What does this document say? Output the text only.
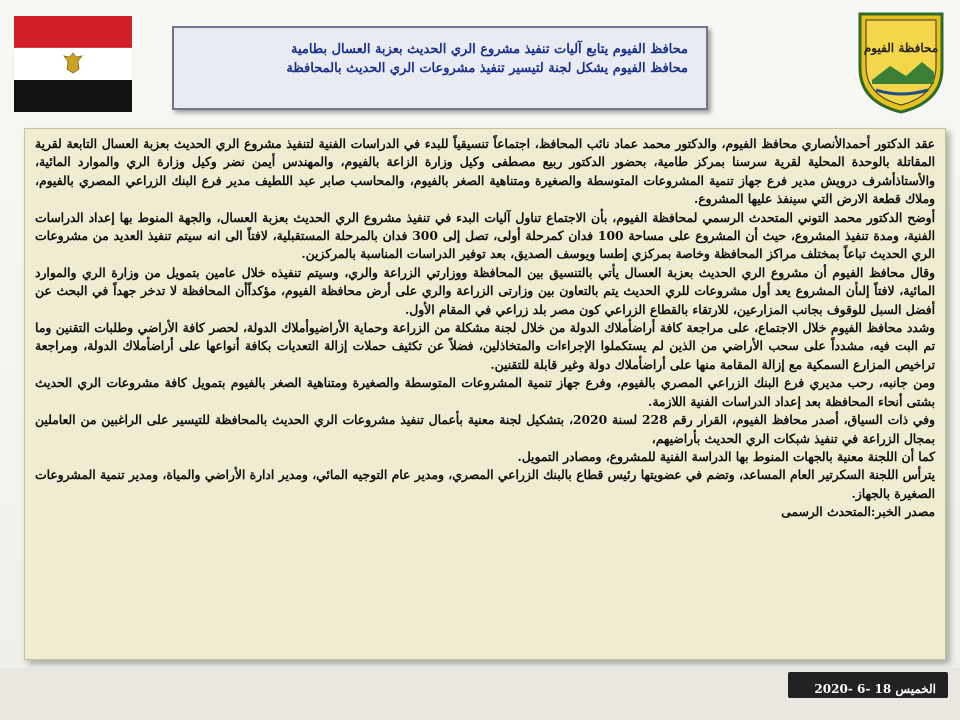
محافظ الفيوم يتابع آليات تنفيذ مشروع الري الحديث بعزبة العسال بطامية
محافظ الفيوم يشكل لجنة لتيسير تنفيذ مشروعات الري الحديث بالمحافظة
محافظة الفيوم

عقد الدكتور أحمدالأنصاري محافظ الفيوم، والدكتور محمد عماد نائب المحافظ، اجتماعاً تنسيقياً للبدء في الدراسات الفنية لتنفيذ مشروع الري الحديث بعزبة العسال التابعة لقرية المقاتلة بالوحدة المحلية لقرية سرسنا بمركز طامية، بحضور الدكتور ربيع مصطفى وكيل وزارة الزاعة بالفيوم، والمهندس أيمن نضر وكيل وزارة الري والموارد المائية، والأستاذأشرف درويش مدير فرع جهاز تنمية المشروعات المتوسطة والصغيرة ومتناهية الصغر بالفيوم، والمحاسب صابر عبد اللطيف مدير فرع البنك الزراعي المصري بالفيوم، وملاك قطعة الارض التي سينفذ عليها المشروع.

أوضح الدكتور محمد التوني المتحدث الرسمي لمحافظة الفيوم، بأن الاجتماع تناول آليات البدء في تنفيذ مشروع الري الحديث بعزبة العسال، والجهة المنوط بها إعداد الدراسات الفنية، ومدة تنفيذ المشروع، حيث أن المشروع على مساحة 100 فدان كمرحلة أولى، تصل إلى 300 فدان بالمرحلة المستقبلية، لافتاً الى انه سيتم تنفيذ العديد من مشروعات الري الحديث تباعاً بمختلف مراكز المحافظة وخاصة بمركزي إطسا ويوسف الصديق، بعد توفير الدراسات المناسبة بالمركزين.

وقال محافظ الفيوم أن مشروع الري الحديث بعزبة العسال يأتي بالتنسيق بين المحافظة ووزارتي الزراعة والري، وسيتم تنفيذه خلال عامين بتمويل من وزارة الري والموارد المائية، لافتاً إلىأن المشروع يعد أول مشروعات للري الحديث يتم بالتعاون بين وزارتى الزراعة والري على أرض محافظة الفيوم، مؤكداًأن المحافظة لا تدخر جهداً في البحث عن أفضل السبل للوقوف بجانب المزارعين، للارتقاء بالقطاع الزراعي كون مصر بلد زراعي في المقام الأول.

وشدد محافظ الفيوم خلال الاجتماع، على مراجعة كافة أراضأملاك الدولة من خلال لجنة مشكلة من الزراعة وحماية الأراضيوأملاك الدولة، لحصر كافة الأراضي وطلبات التقنين وما تم البت فيه، مشدداً على سحب الأراضي من الذين لم يستكملوا الإجراءات والمتخاذلين، فضلاً عن تكثيف حملات إزالة التعديات بكافة أنواعها على أراضأملاك الدولة، ومراجعة تراخيص المزارع السمكية مع إزالة المقامة منها على أراضأملاك دولة وغير قابلة للتقنين.

ومن جانبه، رحب مديري فرع البنك الزراعي المصري بالفيوم، وفرع جهاز تنمية المشروعات المتوسطة والصغيرة ومتناهية الصغر بالفيوم بتمويل كافة مشروعات الري الحديث بشتى أنحاء المحافظة بعد إعداد الدراسات الفنية اللازمة.

وفي ذات السياق، أصدر محافظ الفيوم، القرار رقم 228 لسنة 2020، بتشكيل لجنة معنية بأعمال تنفيذ مشروعات الري الحديث بالمحافظة للتيسير على الراغبين من العاملين بمجال الزراعة في تنفيذ شبكات الري الحديث بأراضيهم،

كما أن اللجنة معنية بالجهات المنوط بها الدراسة الفنية للمشروع، ومصادر التمويل.

يترأس اللجنة السكرتير العام المساعد، وتضم في عضويتها رئيس قطاع بالبنك الزراعي المصري، ومدير عام التوجيه المائي، ومدير ادارة الأراضي والمياة، ومدير تنمية المشروعات الصغيرة بالجهاز.

مصدر الخبر:المتحدث الرسمى

الخميس 18 -6 -2020
